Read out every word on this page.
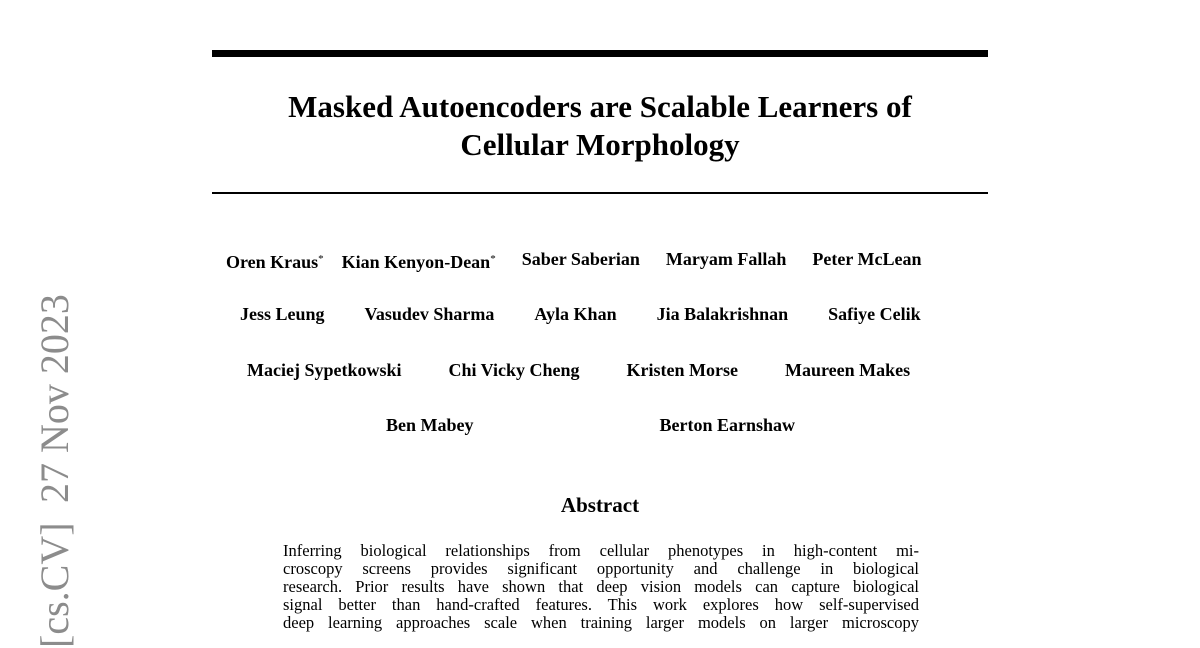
[cs.CV]
27 Nov 2023
Masked Autoencoders are Scalable Learners of
Cellular Morphology
Oren Kraus* Kian Kenyon-Dean* Saber Saberian Maryam Fallah Peter McLean
Jess Leung Vasudev Sharma Ayla Khan Jia Balakrishnan Safiye Celik
Maciej Sypetkowski	Chi Vicky Cheng	Kristen Morse	Maureen Makes
Ben Mabey	Berton Earnshaw
Abstract
Inferring biological relationships from cellular phenotypes in high-content mi-
croscopy screens provides significant opportunity and challenge in biological
research. Prior results have shown that deep vision models can capture biological
signal better than hand-crafted features. This work explores how self-supervised
deep learning approaches scale when training larger models on larger microscopy
